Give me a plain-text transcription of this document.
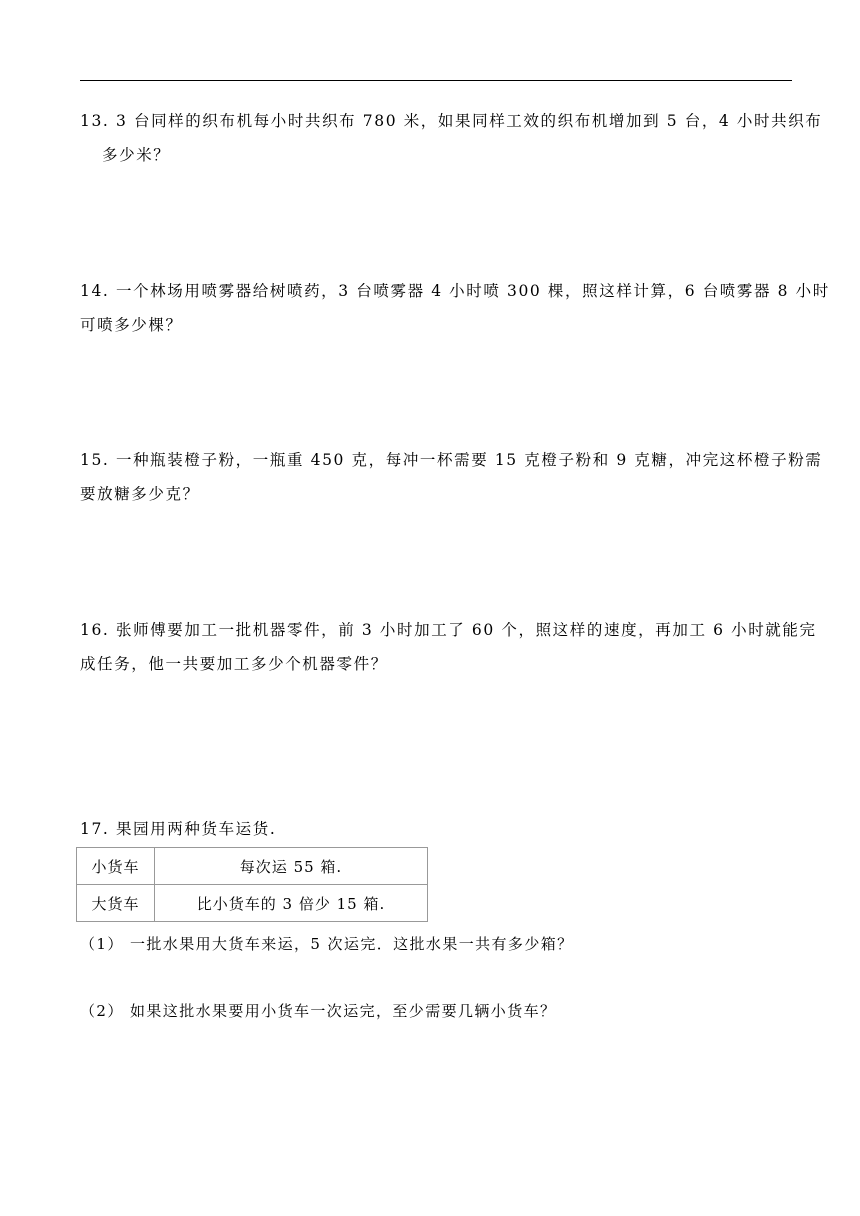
13. 3 台同样的织布机每小时共织布 780 米，如果同样工效的织布机增加到 5 台，4 小时共织布
多少米？
14. 一个林场用喷雾器给树喷药，3 台喷雾器 4 小时喷 300 棵，照这样计算，6 台喷雾器 8 小时
可喷多少棵？
15. 一种瓶装橙子粉，一瓶重 450 克，每冲一杯需要 15 克橙子粉和 9 克糖，冲完这杯橙子粉需
要放糖多少克？
16. 张师傅要加工一批机器零件，前 3 小时加工了 60 个，照这样的速度，再加工 6 小时就能完
成任务，他一共要加工多少个机器零件？
17. 果园用两种货车运货.
小货车	每次运 55 箱.
大货车	比小货车的 3 倍少 15 箱.
（1） 一批水果用大货车来运，5 次运完．这批水果一共有多少箱？
（2） 如果这批水果要用小货车一次运完，至少需要几辆小货车？
